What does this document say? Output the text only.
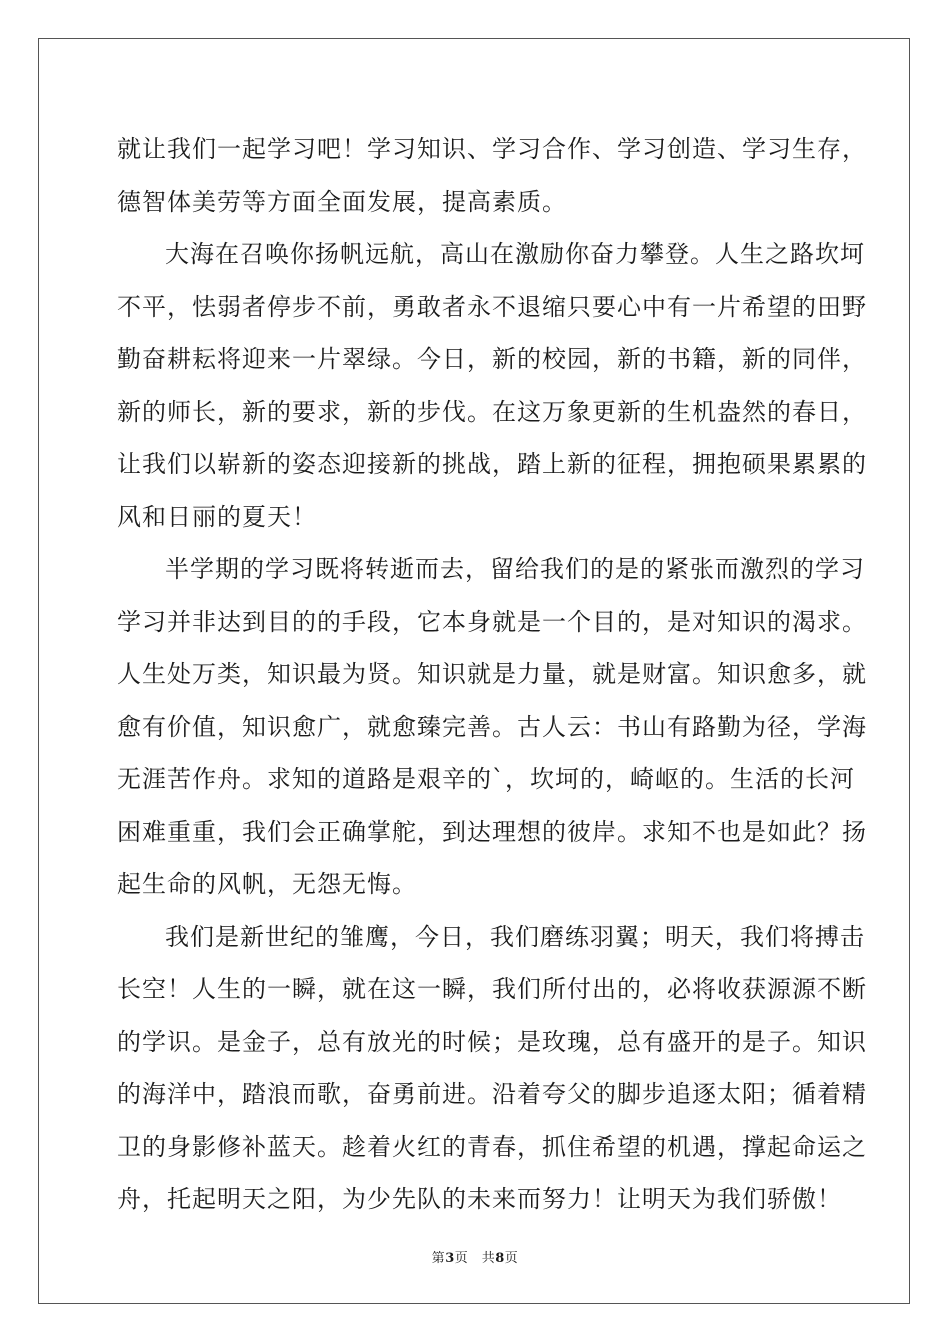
就让我们一起学习吧！学习知识、学习合作、学习创造、学习生存，
德智体美劳等方面全面发展，提高素质。
大海在召唤你扬帆远航，高山在激励你奋力攀登。人生之路坎坷
不平，怯弱者停步不前，勇敢者永不退缩只要心中有一片希望的田野
勤奋耕耘将迎来一片翠绿。今日，新的校园，新的书籍，新的同伴，
新的师长，新的要求，新的步伐。在这万象更新的生机盎然的春日，
让我们以崭新的姿态迎接新的挑战，踏上新的征程，拥抱硕果累累的
风和日丽的夏天！
半学期的学习既将转逝而去，留给我们的是的紧张而激烈的学习
学习并非达到目的的手段，它本身就是一个目的，是对知识的渴求。
人生处万类，知识最为贤。知识就是力量，就是财富。知识愈多，就
愈有价值，知识愈广，就愈臻完善。古人云：书山有路勤为径，学海
无涯苦作舟。求知的道路是艰辛的`，坎坷的，崎岖的。生活的长河
困难重重，我们会正确掌舵，到达理想的彼岸。求知不也是如此？扬
起生命的风帆，无怨无悔。
我们是新世纪的雏鹰，今日，我们磨练羽翼；明天，我们将搏击
长空！人生的一瞬，就在这一瞬，我们所付出的，必将收获源源不断
的学识。是金子，总有放光的时候；是玫瑰，总有盛开的是子。知识
的海洋中，踏浪而歌，奋勇前进。沿着夸父的脚步追逐太阳；循着精
卫的身影修补蓝天。趁着火红的青春，抓住希望的机遇，撑起命运之
舟，托起明天之阳，为少先队的未来而努力！让明天为我们骄傲！
第3页　共8页
